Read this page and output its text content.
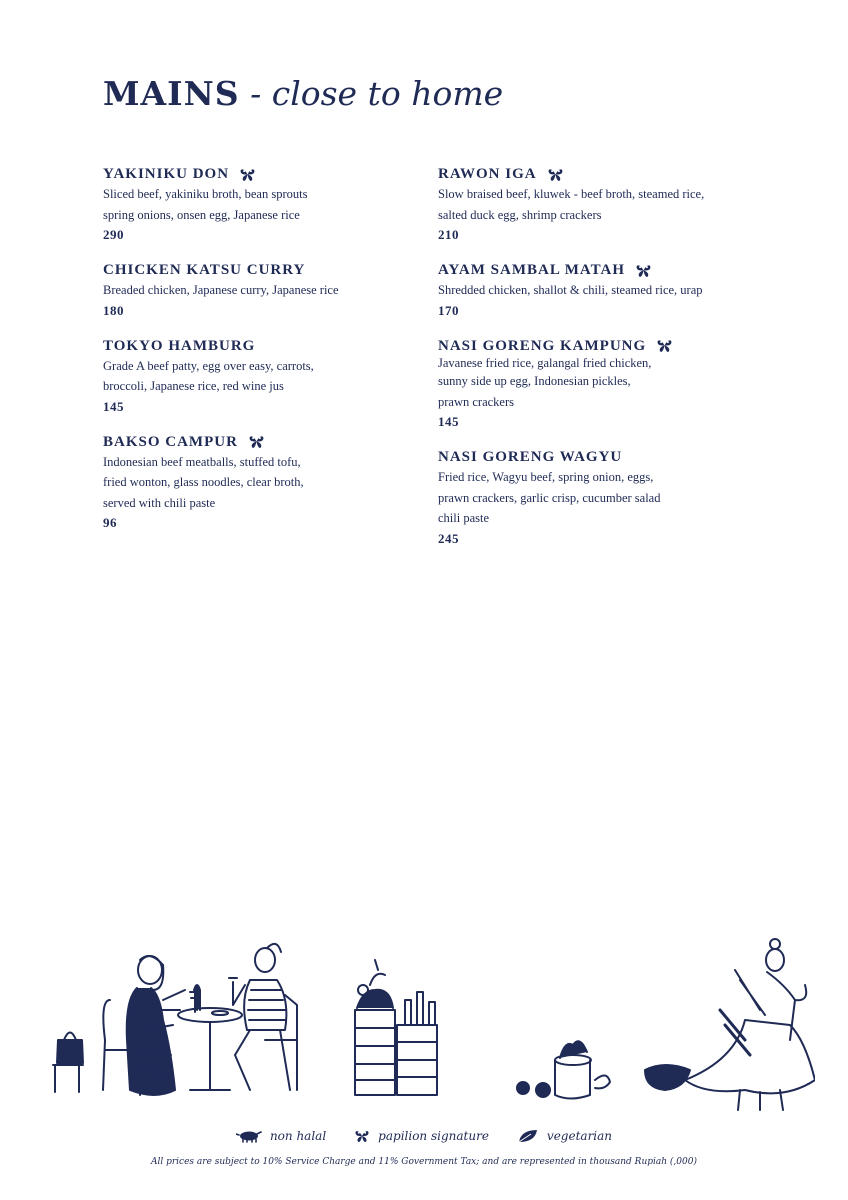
MAINS - close to home
YAKINIKU DON
Sliced beef, yakiniku broth, bean sprouts
spring onions, onsen egg, Japanese rice
290
CHICKEN KATSU CURRY
Breaded chicken, Japanese curry, Japanese rice
180
TOKYO HAMBURG
Grade A beef patty, egg over easy, carrots,
broccoli, Japanese rice, red wine jus
145
BAKSO CAMPUR
Indonesian beef meatballs, stuffed tofu,
fried wonton, glass noodles, clear broth,
served with chili paste
96
RAWON IGA
Slow braised beef, kluwek - beef broth, steamed rice,
salted duck egg, shrimp crackers
210
AYAM SAMBAL MATAH
Shredded chicken, shallot & chili, steamed rice, urap
170
NASI GORENG KAMPUNG
Javanese fried rice, galangal fried chicken,
sunny side up egg, Indonesian pickles,
prawn crackers
145
NASI GORENG WAGYU
Fried rice, Wagyu beef, spring onion, eggs,
prawn crackers, garlic crisp, cucumber salad
chili paste
245
non halal	papilion signature	vegetarian
All prices are subject to 10% Service Charge and 11% Government Tax; and are represented in thousand Rupiah (,000)
